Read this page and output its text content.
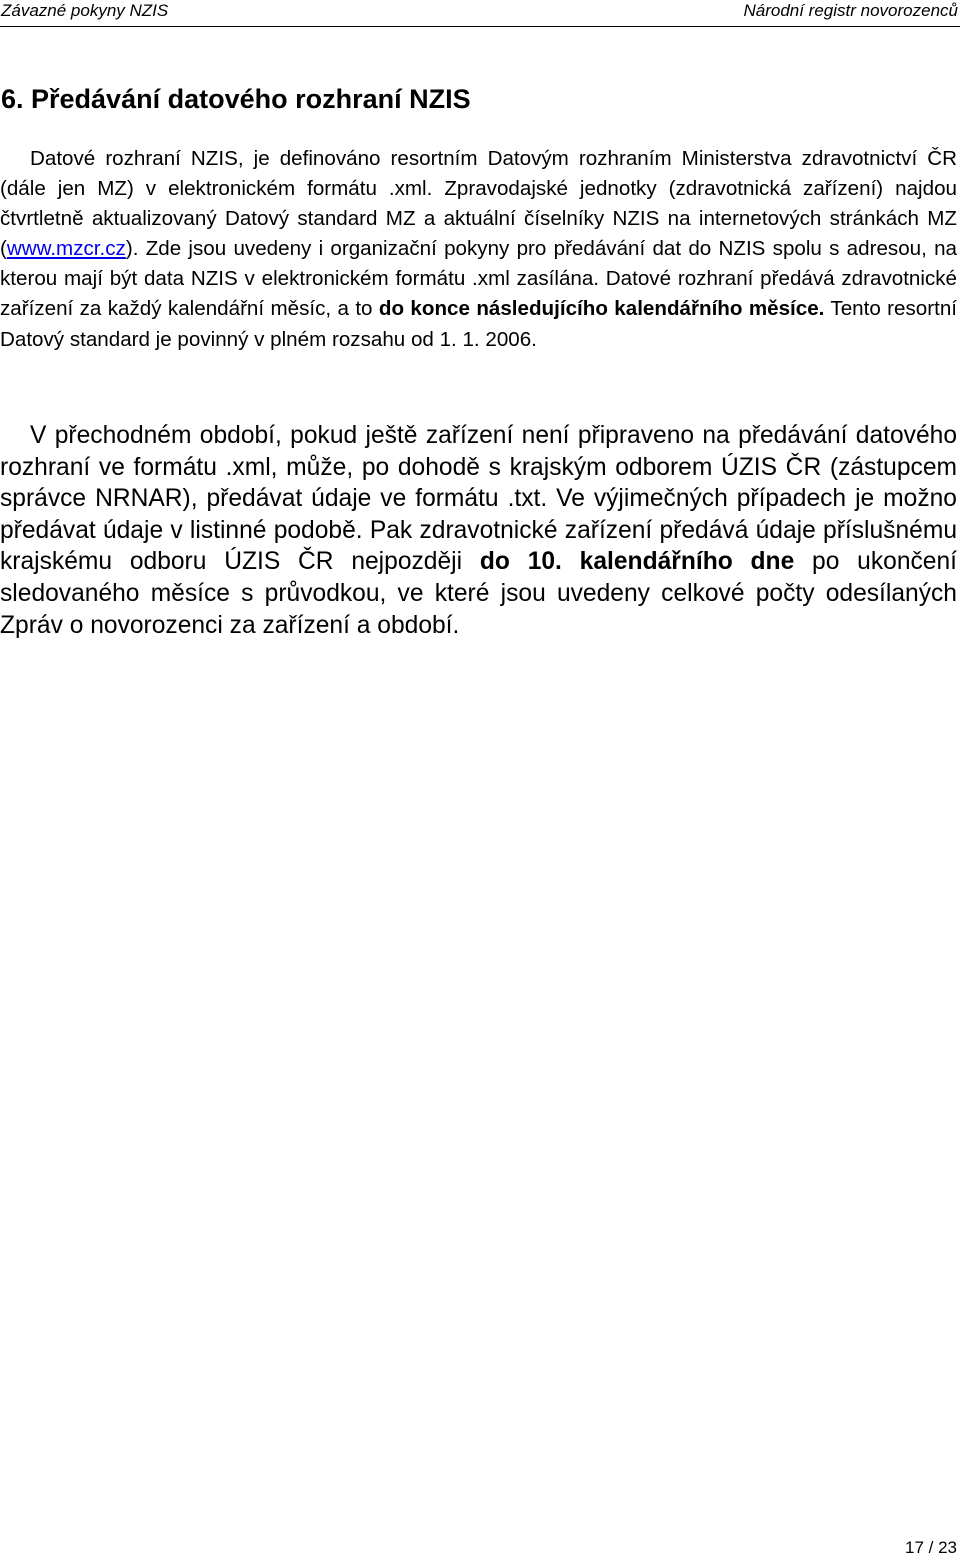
Závazné pokyny NZIS	Národní registr novorozenců
6. Předávání datového rozhraní NZIS

Datové rozhraní NZIS, je definováno resortním Datovým rozhraním Ministerstva zdravotnictví ČR (dále jen MZ) v elektronickém formátu .xml. Zpravodajské jednotky (zdravotnická zařízení) najdou čtvrtletně aktualizovaný Datový standard MZ a aktuální číselníky NZIS na internetových stránkách MZ (www.mzcr.cz). Zde jsou uvedeny i organizační pokyny pro předávání dat do NZIS spolu s adresou, na kterou mají být data NZIS v elektronickém formátu .xml zasílána. Datové rozhraní předává zdravotnické zařízení za každý kalendářní měsíc, a to do konce následujícího kalendářního měsíce. Tento resortní Datový standard je povinný v plném rozsahu od 1. 1. 2006.

V přechodném období, pokud ještě zařízení není připraveno na předávání datového rozhraní ve formátu .xml, může, po dohodě s krajským odborem ÚZIS ČR (zástupcem správce NRNAR), předávat údaje ve formátu .txt. Ve výjimečných případech je možno předávat údaje v listinné podobě. Pak zdravotnické zařízení předává údaje příslušnému krajskému odboru ÚZIS ČR nejpozději do 10. kalendářního dne po ukončení sledovaného měsíce s průvodkou, ve které jsou uvedeny celkové počty odesílaných Zpráv o novorozenci za zařízení a období.

17 / 23
